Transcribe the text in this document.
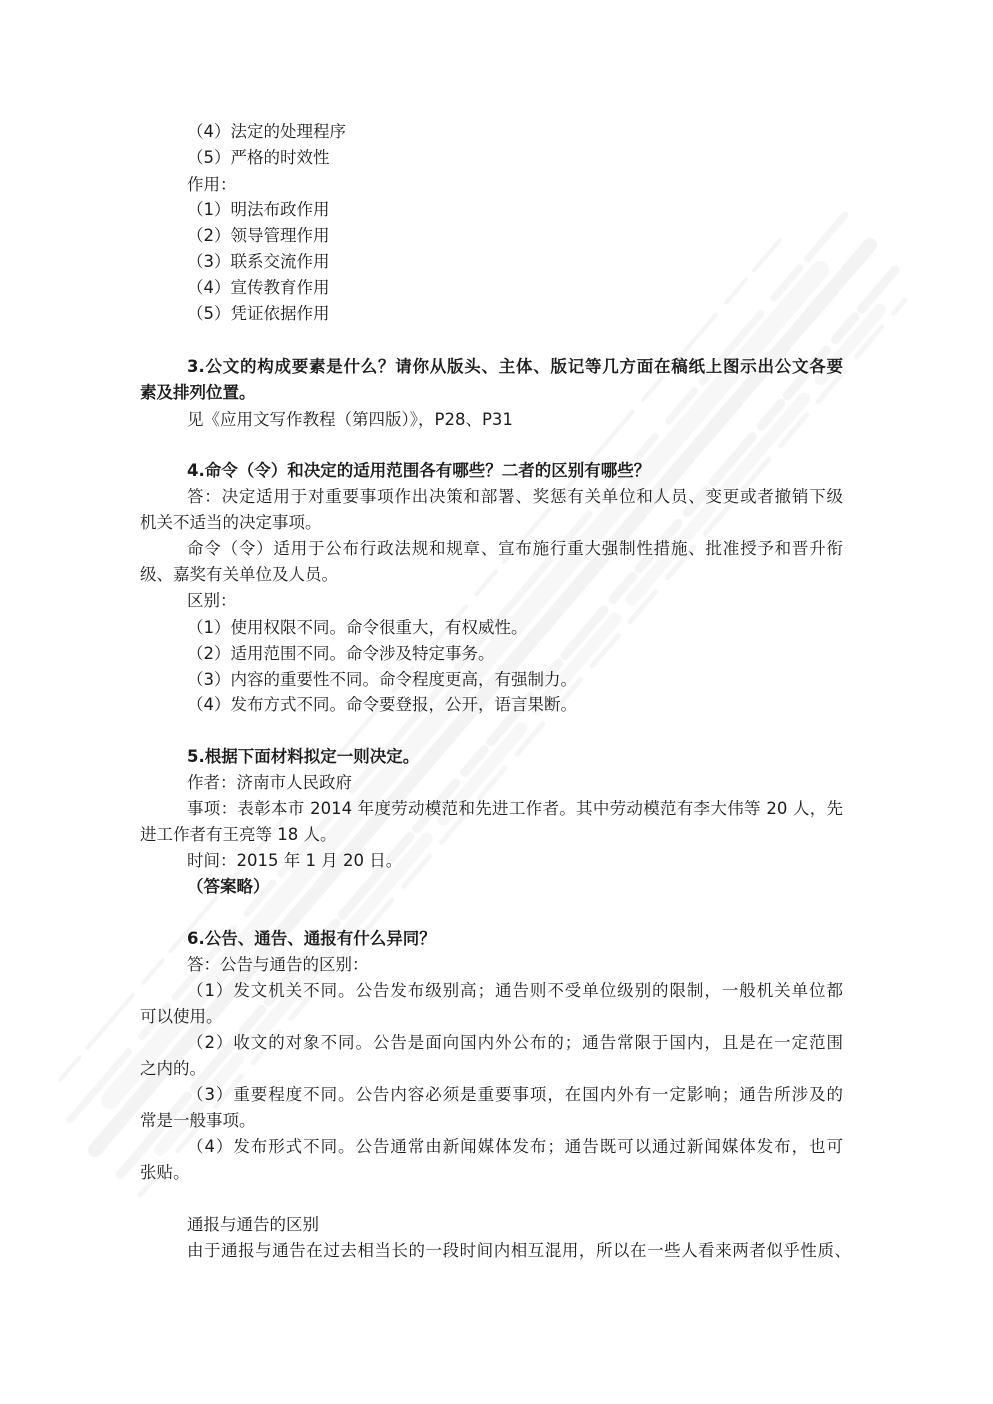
（4）法定的处理程序
（5）严格的时效性
作用：
（1）明法布政作用
（2）领导管理作用
（3）联系交流作用
（4）宣传教育作用
（5）凭证依据作用
3.公文的构成要素是什么？请你从版头、主体、版记等几方面在稿纸上图示出公文各要
素及排列位置。
见《应用文写作教程（第四版）》，P28、P31
4.命令（令）和决定的适用范围各有哪些？二者的区别有哪些？
答：决定适用于对重要事项作出决策和部署、奖惩有关单位和人员、变更或者撤销下级
机关不适当的决定事项。
命令（令）适用于公布行政法规和规章、宣布施行重大强制性措施、批准授予和晋升衔
级、嘉奖有关单位及人员。
区别：
（1）使用权限不同。命令很重大，有权威性。
（2）适用范围不同。命令涉及特定事务。
（3）内容的重要性不同。命令程度更高，有强制力。
（4）发布方式不同。命令要登报，公开，语言果断。
5.根据下面材料拟定一则决定。
作者：济南市人民政府
事项：表彰本市 2014 年度劳动模范和先进工作者。其中劳动模范有李大伟等 20 人，先
进工作者有王亮等 18 人。
时间：2015 年 1 月 20 日。
（答案略）
6.公告、通告、通报有什么异同？
答：公告与通告的区别：
（1）发文机关不同。公告发布级别高；通告则不受单位级别的限制，一般机关单位都
可以使用。
（2）收文的对象不同。公告是面向国内外公布的；通告常限于国内，且是在一定范围
之内的。
（3）重要程度不同。公告内容必须是重要事项，在国内外有一定影响；通告所涉及的
常是一般事项。
（4）发布形式不同。公告通常由新闻媒体发布；通告既可以通过新闻媒体发布，也可
张贴。
通报与通告的区别
由于通报与通告在过去相当长的一段时间内相互混用，所以在一些人看来两者似乎性质、
